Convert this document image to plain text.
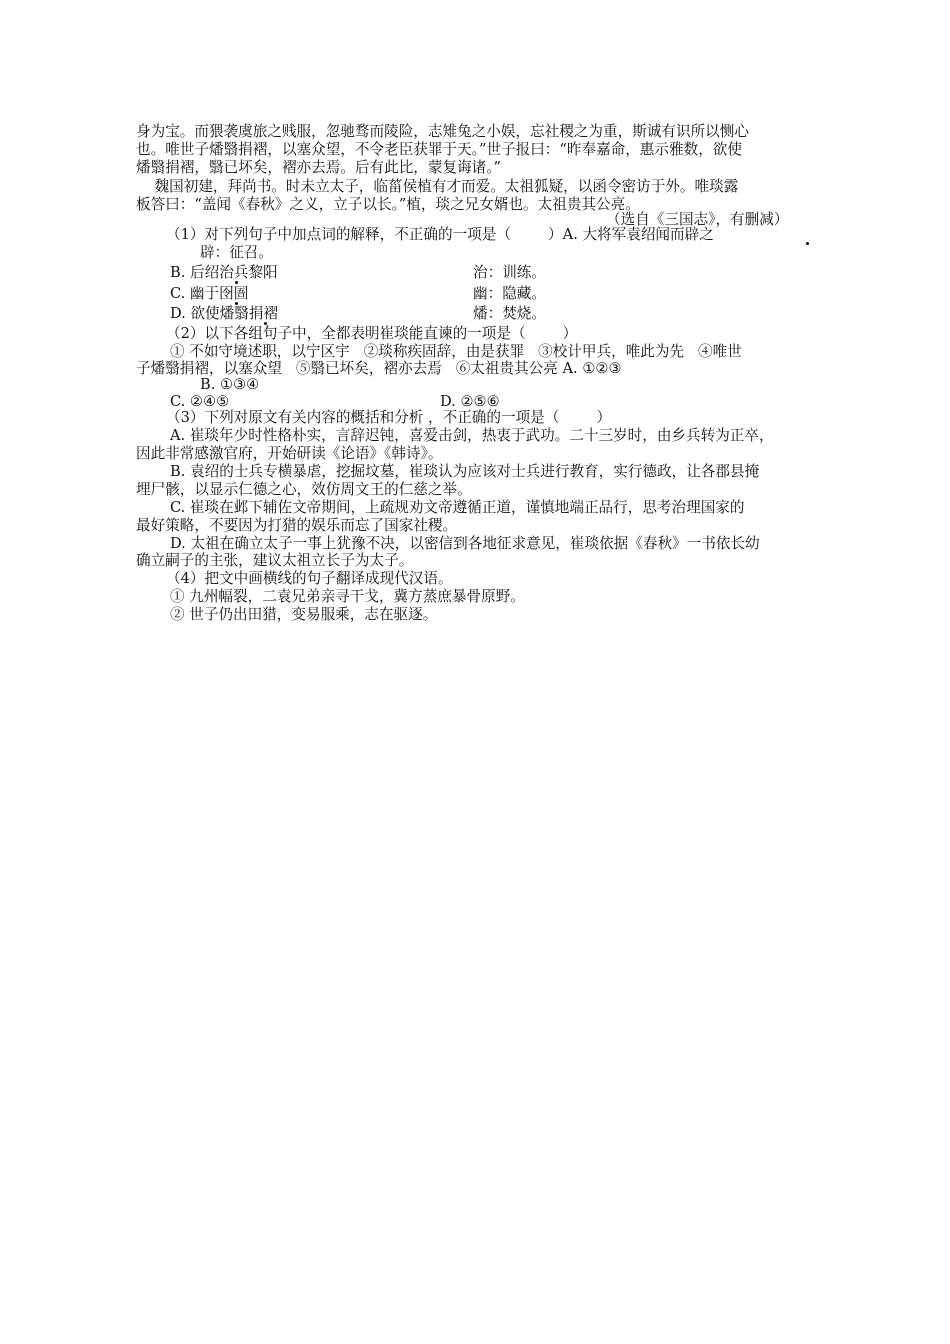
身为宝。而猥袭虞旅之贱服，忽驰骛而陵险，志雉兔之小娱，忘社稷之为重，斯诚有识所以恻心
也。唯世子燔翳捐褶，以塞众望，不令老臣获罪于天。”世子报曰：“昨奉嘉命，惠示雅数，欲使
燔翳捐褶，翳已坏矣，褶亦去焉。后有此比，蒙复诲诸。”
魏国初建，拜尚书。时未立太子，临菑侯植有才而爱。太祖狐疑，以函令密访于外。唯琰露
板答曰：“盖闻《春秋》之义，立子以长。”植，琰之兄女婿也。太祖贵其公亮。
（选自《三国志》，有删减）
（1）对下列句子中加点词的解释，不正确的一项是（        ）A. 大将军袁绍闻而辟之
辟：征召。
B. 后绍治兵黎阳	治：训练。
C. 幽于囹圄	幽：隐藏。
D. 欲使燔翳捐褶	燔：焚烧。
（2）以下各组句子中，全都表明崔琰能直谏的一项是（        ）
① 不如守境述职，以宁区宇   ②琰称疾固辞，由是获罪   ③校计甲兵，唯此为先   ④唯世
子燔翳捐褶，以塞众望   ⑤翳已坏矣，褶亦去焉   ⑥太祖贵其公亮 A. ①②③
B. ①③④
C. ②④⑤	D. ②⑤⑥
（3）下列对原文有关内容的概括和分析 ，不正确的一项是（        ）
A. 崔琰年少时性格朴实，言辞迟钝，喜爱击剑，热衷于武功。二十三岁时，由乡兵转为正卒，
因此非常感激官府，开始研读《论语》《韩诗》。
B. 袁绍的士兵专横暴虐，挖掘坟墓，崔琰认为应该对士兵进行教育，实行德政，让各郡县掩
埋尸骸，以显示仁德之心，效仿周文王的仁慈之举。
C. 崔琰在邺下辅佐文帝期间，上疏规劝文帝遵循正道，谨慎地端正品行，思考治理国家的
最好策略，不要因为打猎的娱乐而忘了国家社稷。
D. 太祖在确立太子一事上犹豫不决，以密信到各地征求意见，崔琰依据《春秋》一书依长幼
确立嗣子的主张，建议太祖立长子为太子。
（4）把文中画横线的句子翻译成现代汉语。
① 九州幅裂，二袁兄弟亲寻干戈，冀方蒸庶暴骨原野。
② 世子仍出田猎，变易服乘，志在驱逐。
